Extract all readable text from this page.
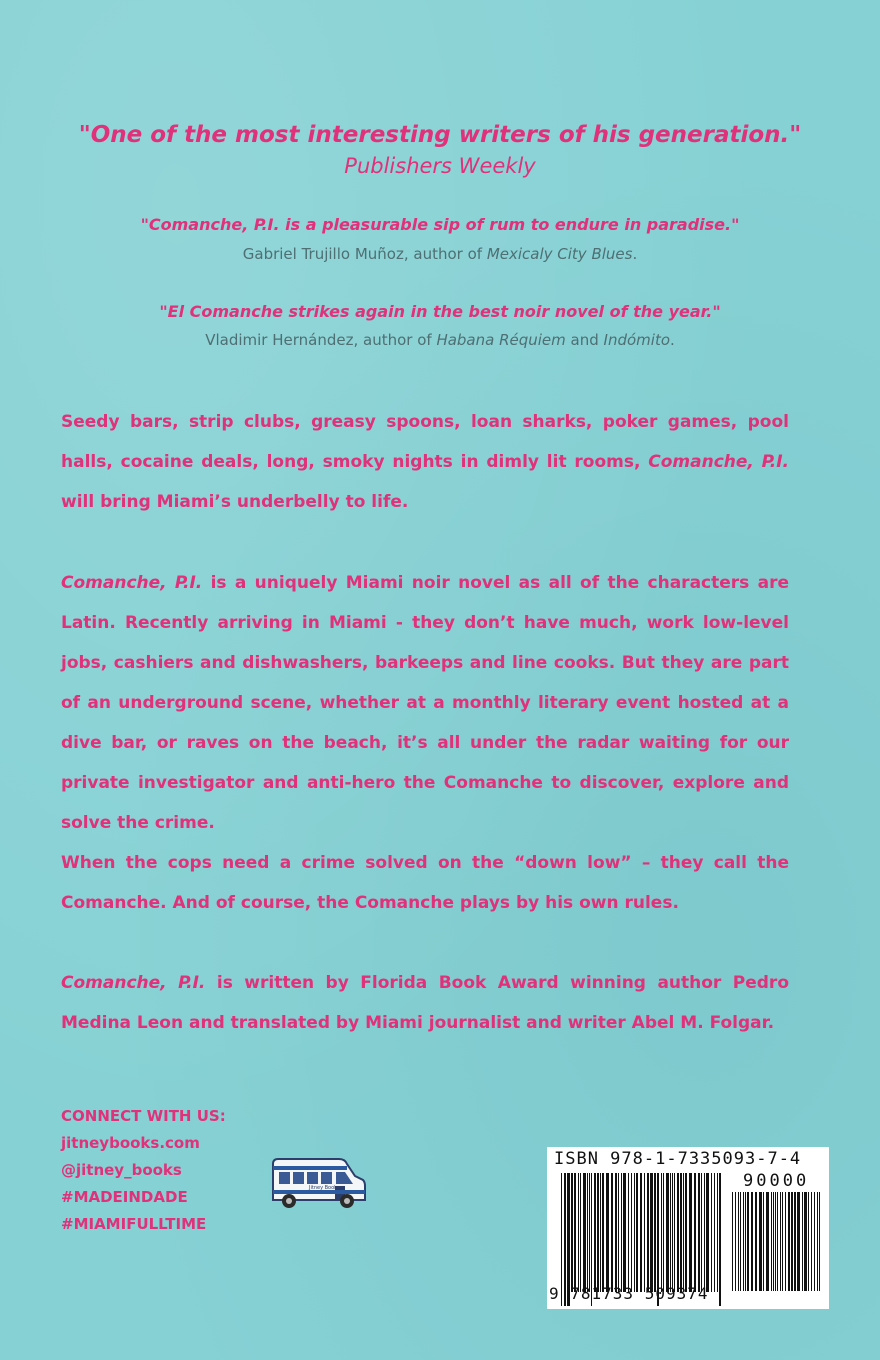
"One of the most interesting writers of his generation."
Publishers Weekly
"Comanche, P.I. is a pleasurable sip of rum to endure in paradise."
Gabriel Trujillo Muñoz, author of Mexicaly City Blues.
"El Comanche strikes again in the best noir novel of the year."
Vladimir Hernández, author of Habana Réquiem and Indómito.

Seedy bars, strip clubs, greasy spoons, loan sharks, poker games, pool halls, cocaine deals, long, smoky nights in dimly lit rooms, Comanche, P.I. will bring Miami’s underbelly to life.

Comanche, P.I. is a uniquely Miami noir novel as all of the characters are Latin. Recently arriving in Miami - they don’t have much, work low-level jobs, cashiers and dishwashers, barkeeps and line cooks. But they are part of an underground scene, whether at a monthly literary event hosted at a dive bar, or raves on the beach, it’s all under the radar waiting for our private investigator and anti-hero the Comanche to discover, explore and solve the crime.

When the cops need a crime solved on the “down low” – they call the Comanche. And of course, the Comanche plays by his own rules.

Comanche, P.I. is written by Florida Book Award winning author Pedro Medina Leon and translated by Miami journalist and writer Abel M. Folgar.

CONNECT WITH US:
jitneybooks.com
@jitney_books
#MADEINDADE
#MIAMIFULLTIME
Jitney Books
ISBN 978-1-7335093-7-4
90000
9 781733 509374
